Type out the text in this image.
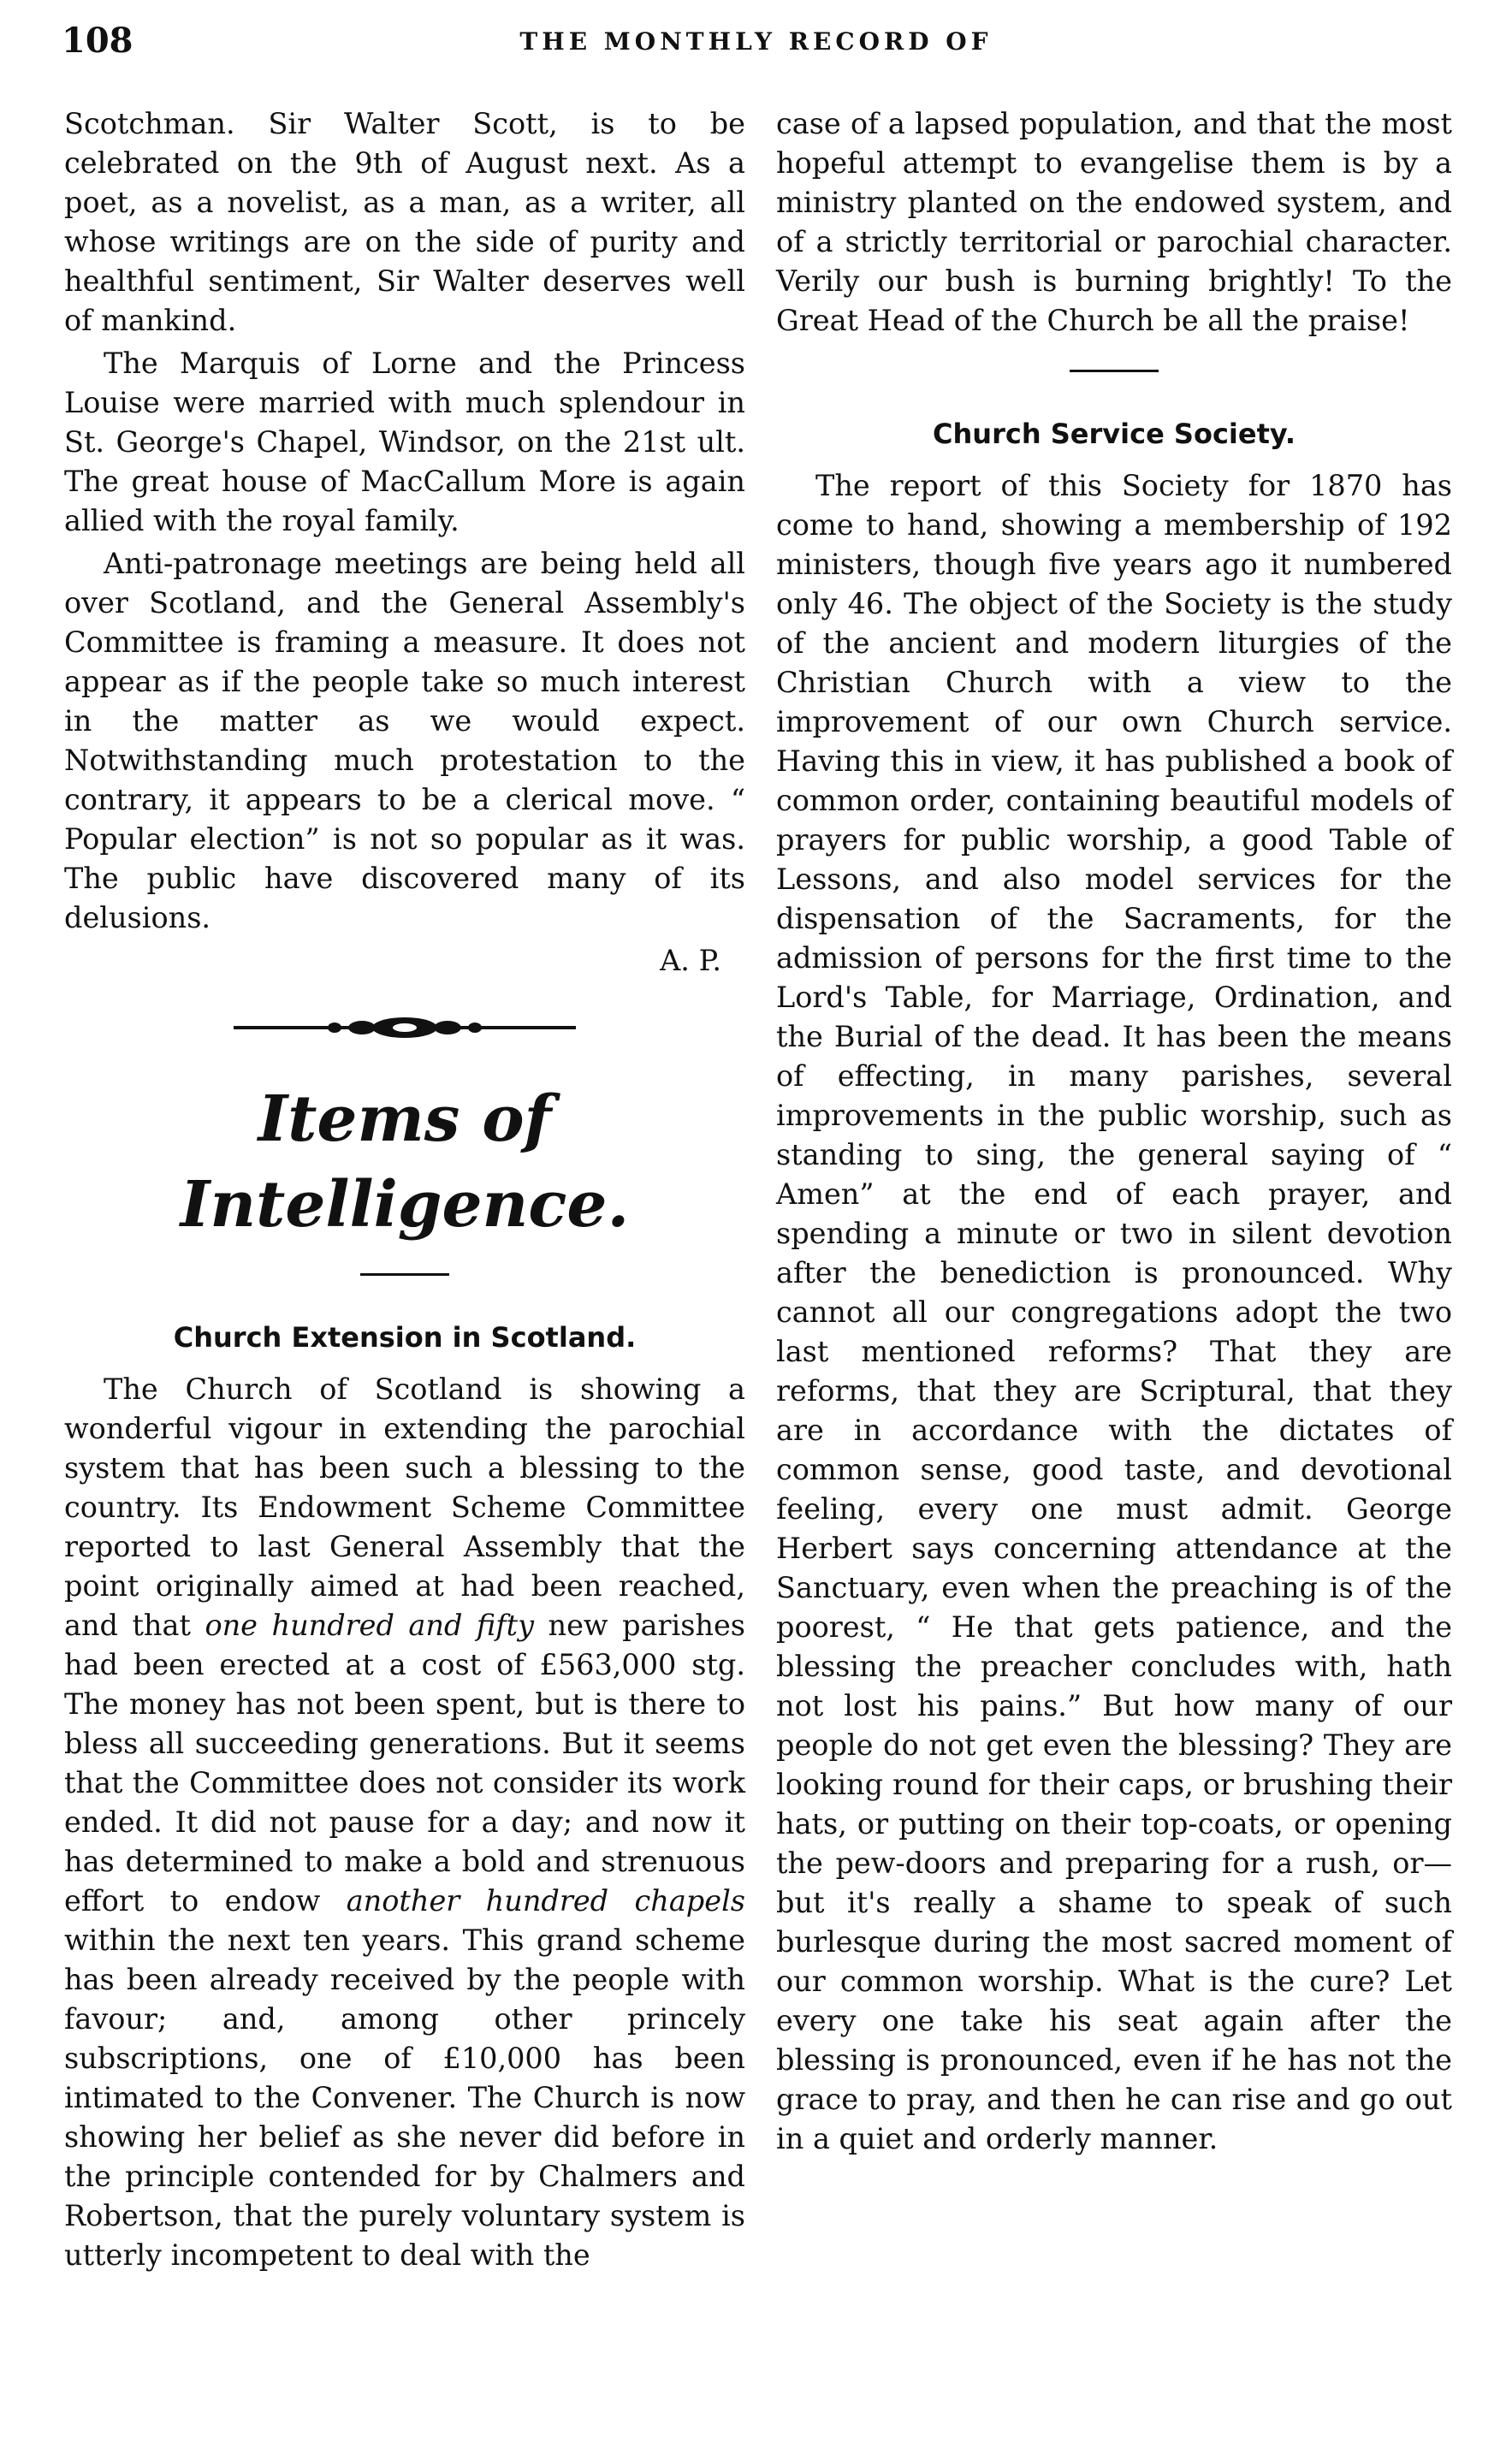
108	THE MONTHLY RECORD OF

Scotchman. Sir Walter Scott, is to be celebrated on the 9th of August next. As a poet, as a novelist, as a man, as a writer, all whose writings are on the side of purity and healthful sentiment, Sir Walter deserves well of mankind.

The Marquis of Lorne and the Princess Louise were married with much splendour in St. George's Chapel, Windsor, on the 21st ult. The great house of MacCallum More is again allied with the royal family.

Anti-patronage meetings are being held all over Scotland, and the General Assembly's Committee is framing a measure. It does not appear as if the people take so much interest in the matter as we would expect. Notwithstanding much protestation to the contrary, it appears to be a clerical move. “ Popular election” is not so popular as it was. The public have discovered many of its delusions.

A. P.
Items of Intelligence.
Church Extension in Scotland.

The Church of Scotland is showing a wonderful vigour in extending the parochial system that has been such a blessing to the country. Its Endowment Scheme Committee reported to last General Assembly that the point originally aimed at had been reached, and that one hundred and fifty new parishes had been erected at a cost of £563,000 stg. The money has not been spent, but is there to bless all succeeding generations. But it seems that the Committee does not consider its work ended. It did not pause for a day; and now it has determined to make a bold and strenuous effort to endow another hundred chapels within the next ten years. This grand scheme has been already received by the people with favour; and, among other princely subscriptions, one of £10,000 has been intimated to the Convener. The Church is now showing her belief as she never did before in the principle contended for by Chalmers and Robertson, that the purely voluntary system is utterly incompetent to deal with the

case of a lapsed population, and that the most hopeful attempt to evangelise them is by a ministry planted on the endowed system, and of a strictly territorial or parochial character. Verily our bush is burning brightly! To the Great Head of the Church be all the praise!

Church Service Society.

The report of this Society for 1870 has come to hand, showing a membership of 192 ministers, though five years ago it numbered only 46. The object of the Society is the study of the ancient and modern liturgies of the Christian Church with a view to the improvement of our own Church service. Having this in view, it has published a book of common order, containing beautiful models of prayers for public worship, a good Table of Lessons, and also model services for the dispensation of the Sacraments, for the admission of persons for the first time to the Lord's Table, for Marriage, Ordination, and the Burial of the dead. It has been the means of effecting, in many parishes, several improvements in the public worship, such as standing to sing, the general saying of “ Amen” at the end of each prayer, and spending a minute or two in silent devotion after the benediction is pronounced. Why cannot all our congregations adopt the two last mentioned reforms? That they are reforms, that they are Scriptural, that they are in accordance with the dictates of common sense, good taste, and devotional feeling, every one must admit. George Herbert says concerning attendance at the Sanctuary, even when the preaching is of the poorest, “ He that gets patience, and the blessing the preacher concludes with, hath not lost his pains.” But how many of our people do not get even the blessing? They are looking round for their caps, or brushing their hats, or putting on their top-coats, or opening the pew-doors and preparing for a rush, or— but it's really a shame to speak of such burlesque during the most sacred moment of our common worship. What is the cure? Let every one take his seat again after the blessing is pronounced, even if he has not the grace to pray, and then he can rise and go out in a quiet and orderly manner.
